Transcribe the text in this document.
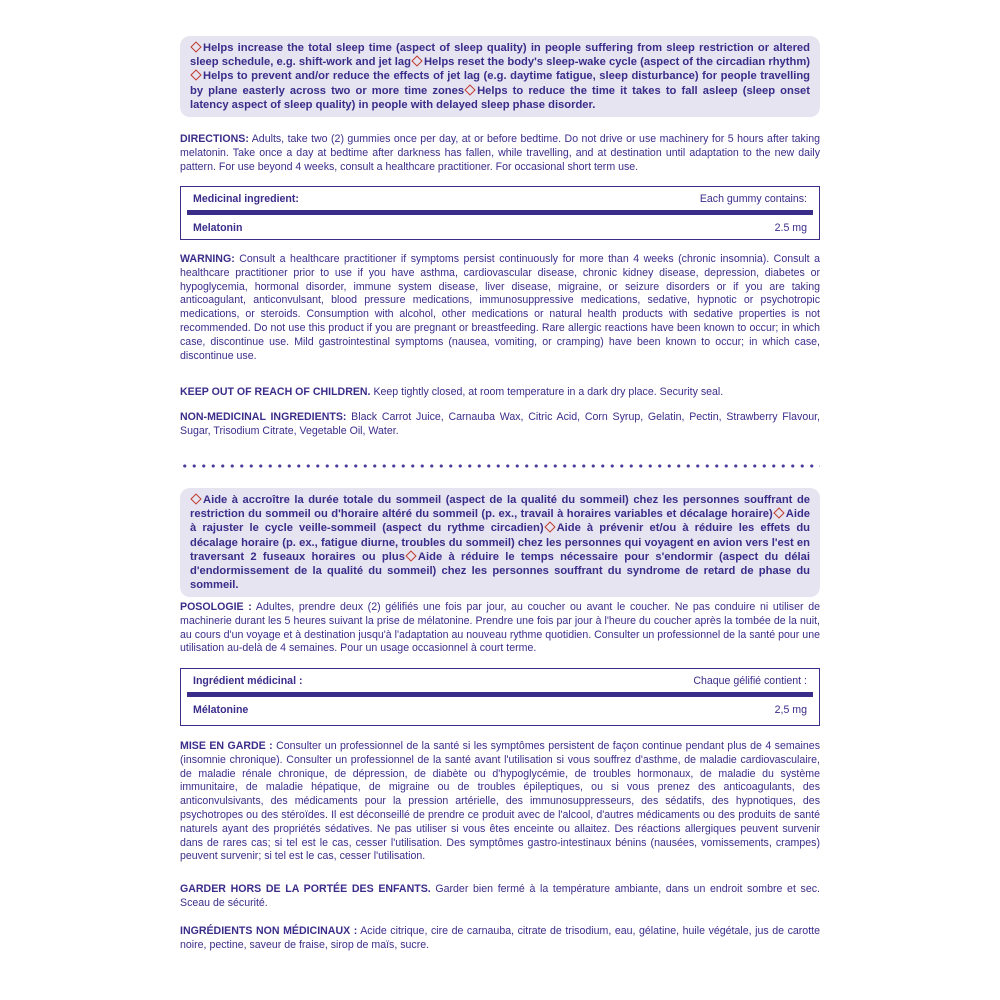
Helps increase the total sleep time (aspect of sleep quality) in people suffering from sleep restriction or altered sleep schedule, e.g. shift-work and jet lag Helps reset the body's sleep-wake cycle (aspect of the circadian rhythm)Helps to prevent and/or reduce the effects of jet lag (e.g. daytime fatigue, sleep disturbance) for people travelling by plane easterly across two or more time zones Helps to reduce the time it takes to fall asleep (sleep onset latency aspect of sleep quality) in people with delayed sleep phase disorder.

DIRECTIONS: Adults, take two (2) gummies once per day, at or before bedtime. Do not drive or use machinery for 5 hours after taking melatonin. Take once a day at bedtime after darkness has fallen, while travelling, and at destination until adaptation to the new daily pattern. For use beyond 4 weeks, consult a healthcare practitioner. For occasional short term use.

Medicinal ingredient:	Each gummy contains:
Melatonin	2.5 mg

WARNING: Consult a healthcare practitioner if symptoms persist continuously for more than 4 weeks (chronic insomnia). Consult a healthcare practitioner prior to use if you have asthma, cardiovascular disease, chronic kidney disease, depression, diabetes or hypoglycemia, hormonal disorder, immune system disease, liver disease, migraine, or seizure disorders or if you are taking anticoagulant, anticonvulsant, blood pressure medications, immunosuppressive medications, sedative, hypnotic or psychotropic medications, or steroids. Consumption with alcohol, other medications or natural health products with sedative properties is not recommended. Do not use this product if you are pregnant or breastfeeding. Rare allergic reactions have been known to occur; in which case, discontinue use. Mild gastrointestinal symptoms (nausea, vomiting, or cramping) have been known to occur; in which case, discontinue use.

KEEP OUT OF REACH OF CHILDREN. Keep tightly closed, at room temperature in a dark dry place. Security seal.

NON-MEDICINAL INGREDIENTS: Black Carrot Juice, Carnauba Wax, Citric Acid, Corn Syrup, Gelatin, Pectin, Strawberry Flavour, Sugar, Trisodium Citrate, Vegetable Oil, Water.

Aide à accroître la durée totale du sommeil (aspect de la qualité du sommeil) chez les personnes souffrant de restriction du sommeil ou d'horaire altéré du sommeil (p. ex., travail à horaires variables et décalage horaire) Aide à rajuster le cycle veille-sommeil (aspect du rythme circadien) Aide à prévenir et/ou à réduire les effets du décalage horaire (p. ex., fatigue diurne, troubles du sommeil) chez les personnes qui voyagent en avion vers l'est en traversant 2 fuseaux horaires ou plus Aide à réduire le temps nécessaire pour s'endormir (aspect du délai d'endormissement de la qualité du sommeil) chez les personnes souffrant du syndrome de retard de phase du sommeil.

POSOLOGIE : Adultes, prendre deux (2) gélifiés une fois par jour, au coucher ou avant le coucher. Ne pas conduire ni utiliser de machinerie durant les 5 heures suivant la prise de mélatonine. Prendre une fois par jour à l'heure du coucher après la tombée de la nuit, au cours d'un voyage et à destination jusqu'à l'adaptation au nouveau rythme quotidien. Consulter un professionnel de la santé pour une utilisation au-delà de 4 semaines. Pour un usage occasionnel à court terme.

Ingrédient médicinal :	Chaque gélifié contient :
Mélatonine	2,5 mg

MISE EN GARDE : Consulter un professionnel de la santé si les symptômes persistent de façon continue pendant plus de 4 semaines (insomnie chronique). Consulter un professionnel de la santé avant l'utilisation si vous souffrez d'asthme, de maladie cardiovasculaire, de maladie rénale chronique, de dépression, de diabète ou d'hypoglycémie, de troubles hormonaux, de maladie du système immunitaire, de maladie hépatique, de migraine ou de troubles épileptiques, ou si vous prenez des anticoagulants, des anticonvulsivants, des médicaments pour la pression artérielle, des immunosuppresseurs, des sédatifs, des hypnotiques, des psychotropes ou des stéroïdes. Il est déconseillé de prendre ce produit avec de l'alcool, d'autres médicaments ou des produits de santé naturels ayant des propriétés sédatives. Ne pas utiliser si vous êtes enceinte ou allaitez. Des réactions allergiques peuvent survenir dans de rares cas; si tel est le cas, cesser l'utilisation. Des symptômes gastro-intestinaux bénins (nausées, vomissements, crampes) peuvent survenir; si tel est le cas, cesser l'utilisation.

GARDER HORS DE LA PORTÉE DES ENFANTS. Garder bien fermé à la température ambiante, dans un endroit sombre et sec. Sceau de sécurité.

INGRÉDIENTS NON MÉDICINAUX : Acide citrique, cire de carnauba, citrate de trisodium, eau, gélatine, huile végétale, jus de carotte noire, pectine, saveur de fraise, sirop de maïs, sucre.
